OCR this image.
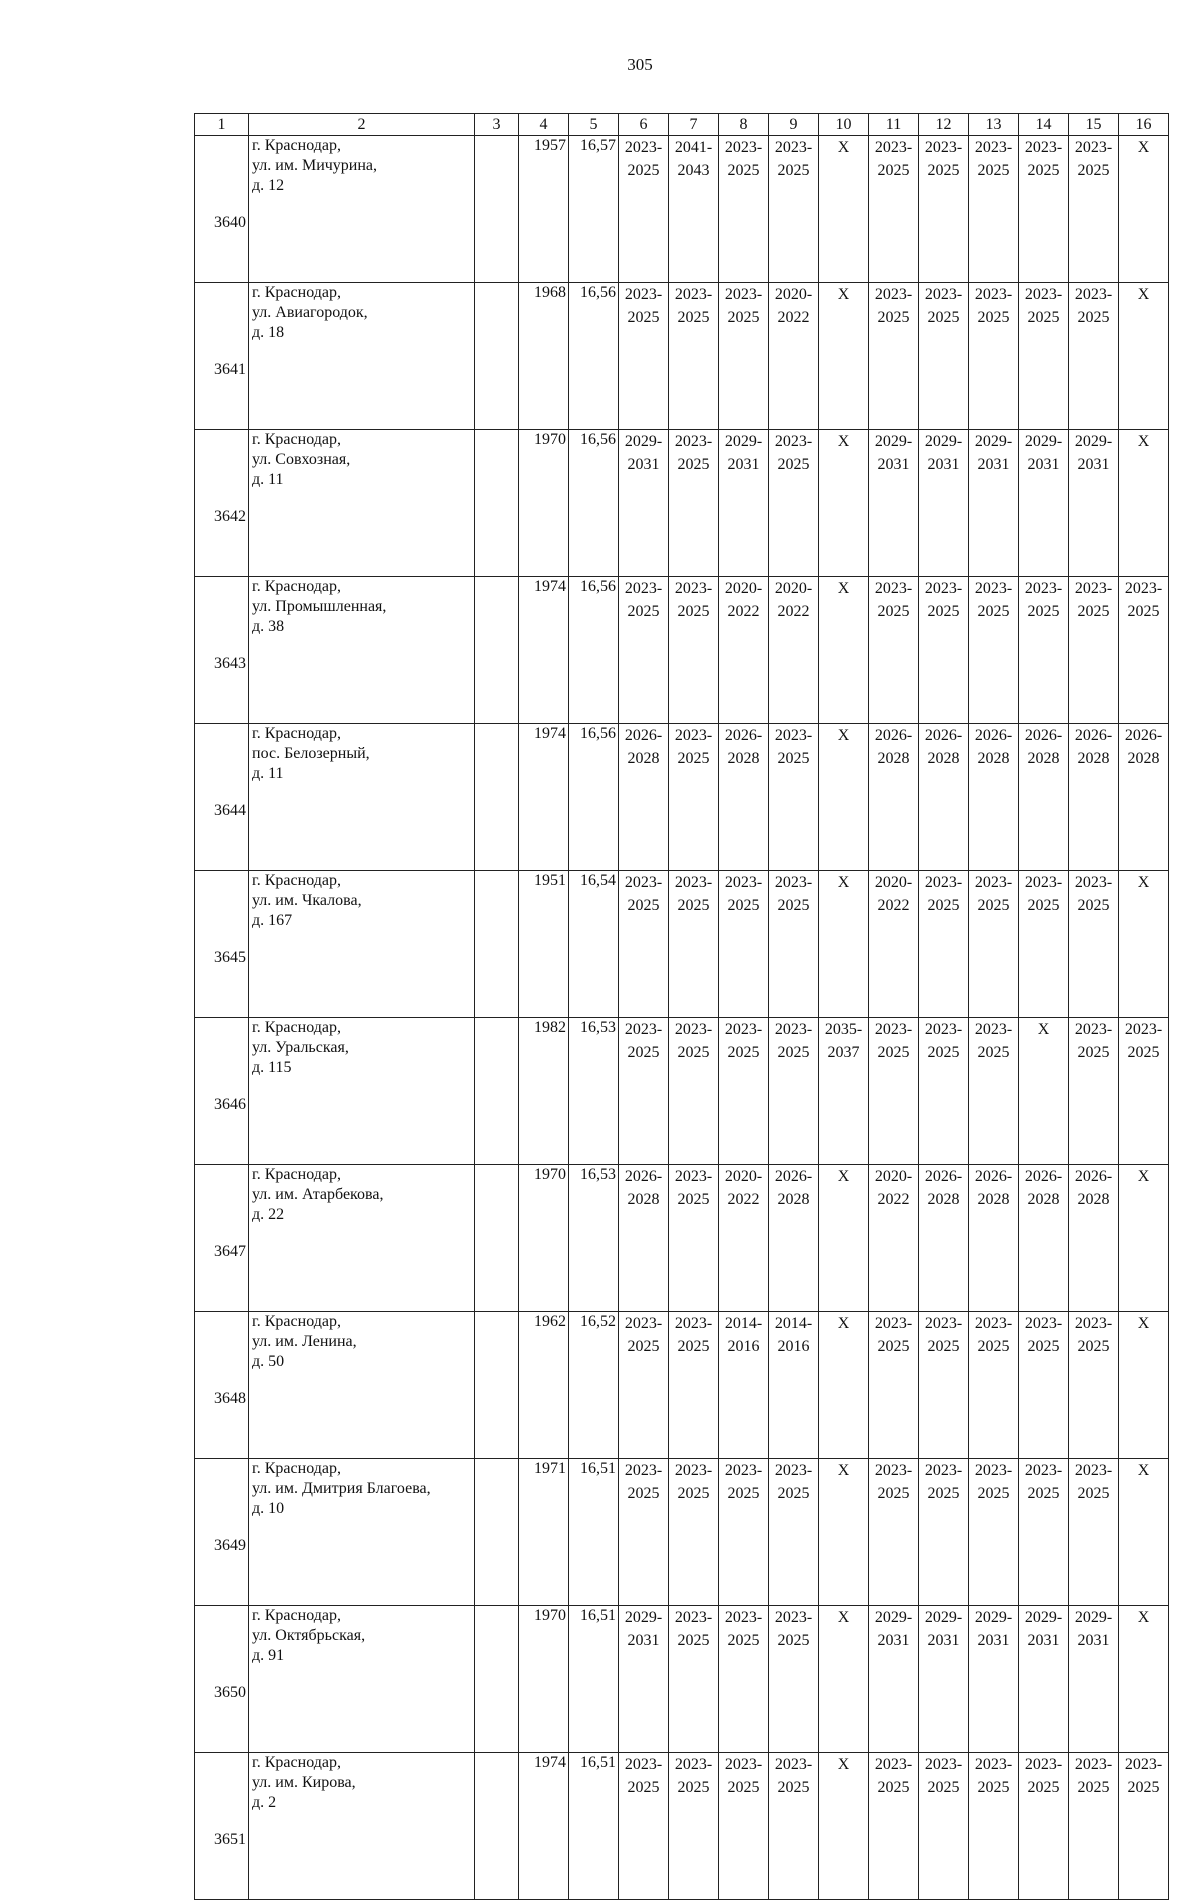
305
1	2	3	4	5	6	7	8	9	10	11	12	13	14	15	16
3640	г. Краснодар,
ул. им. Мичурина,
д. 12		1957	16,57	2023-
2025	2041-
2043	2023-
2025	2023-
2025	X	2023-
2025	2023-
2025	2023-
2025	2023-
2025	2023-
2025	X

3641	г. Краснодар,
ул. Авиагородок,
д. 18		1968	16,56	2023-
2025	2023-
2025	2023-
2025	2020-
2022	X	2023-
2025	2023-
2025	2023-
2025	2023-
2025	2023-
2025	X

3642	г. Краснодар,
ул. Совхозная,
д. 11		1970	16,56	2029-
2031	2023-
2025	2029-
2031	2023-
2025	X	2029-
2031	2029-
2031	2029-
2031	2029-
2031	2029-
2031	X

3643	г. Краснодар,
ул. Промышленная,
д. 38		1974	16,56	2023-
2025	2023-
2025	2020-
2022	2020-
2022	X	2023-
2025	2023-
2025	2023-
2025	2023-
2025	2023-
2025	2023-
2025

3644	г. Краснодар,
пос. Белозерный,
д. 11		1974	16,56	2026-
2028	2023-
2025	2026-
2028	2023-
2025	X	2026-
2028	2026-
2028	2026-
2028	2026-
2028	2026-
2028	2026-
2028

3645	г. Краснодар,
ул. им. Чкалова,
д. 167		1951	16,54	2023-
2025	2023-
2025	2023-
2025	2023-
2025	X	2020-
2022	2023-
2025	2023-
2025	2023-
2025	2023-
2025	X

3646	г. Краснодар,
ул. Уральская,
д. 115		1982	16,53	2023-
2025	2023-
2025	2023-
2025	2023-
2025	2035-
2037	2023-
2025	2023-
2025	2023-
2025	X	2023-
2025	2023-
2025

3647	г. Краснодар,
ул. им. Атарбекова,
д. 22		1970	16,53	2026-
2028	2023-
2025	2020-
2022	2026-
2028	X	2020-
2022	2026-
2028	2026-
2028	2026-
2028	2026-
2028	X

3648	г. Краснодар,
ул. им. Ленина,
д. 50		1962	16,52	2023-
2025	2023-
2025	2014-
2016	2014-
2016	X	2023-
2025	2023-
2025	2023-
2025	2023-
2025	2023-
2025	X

3649	г. Краснодар,
ул. им. Дмитрия Благоева,
д. 10		1971	16,51	2023-
2025	2023-
2025	2023-
2025	2023-
2025	X	2023-
2025	2023-
2025	2023-
2025	2023-
2025	2023-
2025	X

3650	г. Краснодар,
ул. Октябрьская,
д. 91		1970	16,51	2029-
2031	2023-
2025	2023-
2025	2023-
2025	X	2029-
2031	2029-
2031	2029-
2031	2029-
2031	2029-
2031	X

3651	г. Краснодар,
ул. им. Кирова,
д. 2		1974	16,51	2023-
2025	2023-
2025	2023-
2025	2023-
2025	X	2023-
2025	2023-
2025	2023-
2025	2023-
2025	2023-
2025	2023-
2025
